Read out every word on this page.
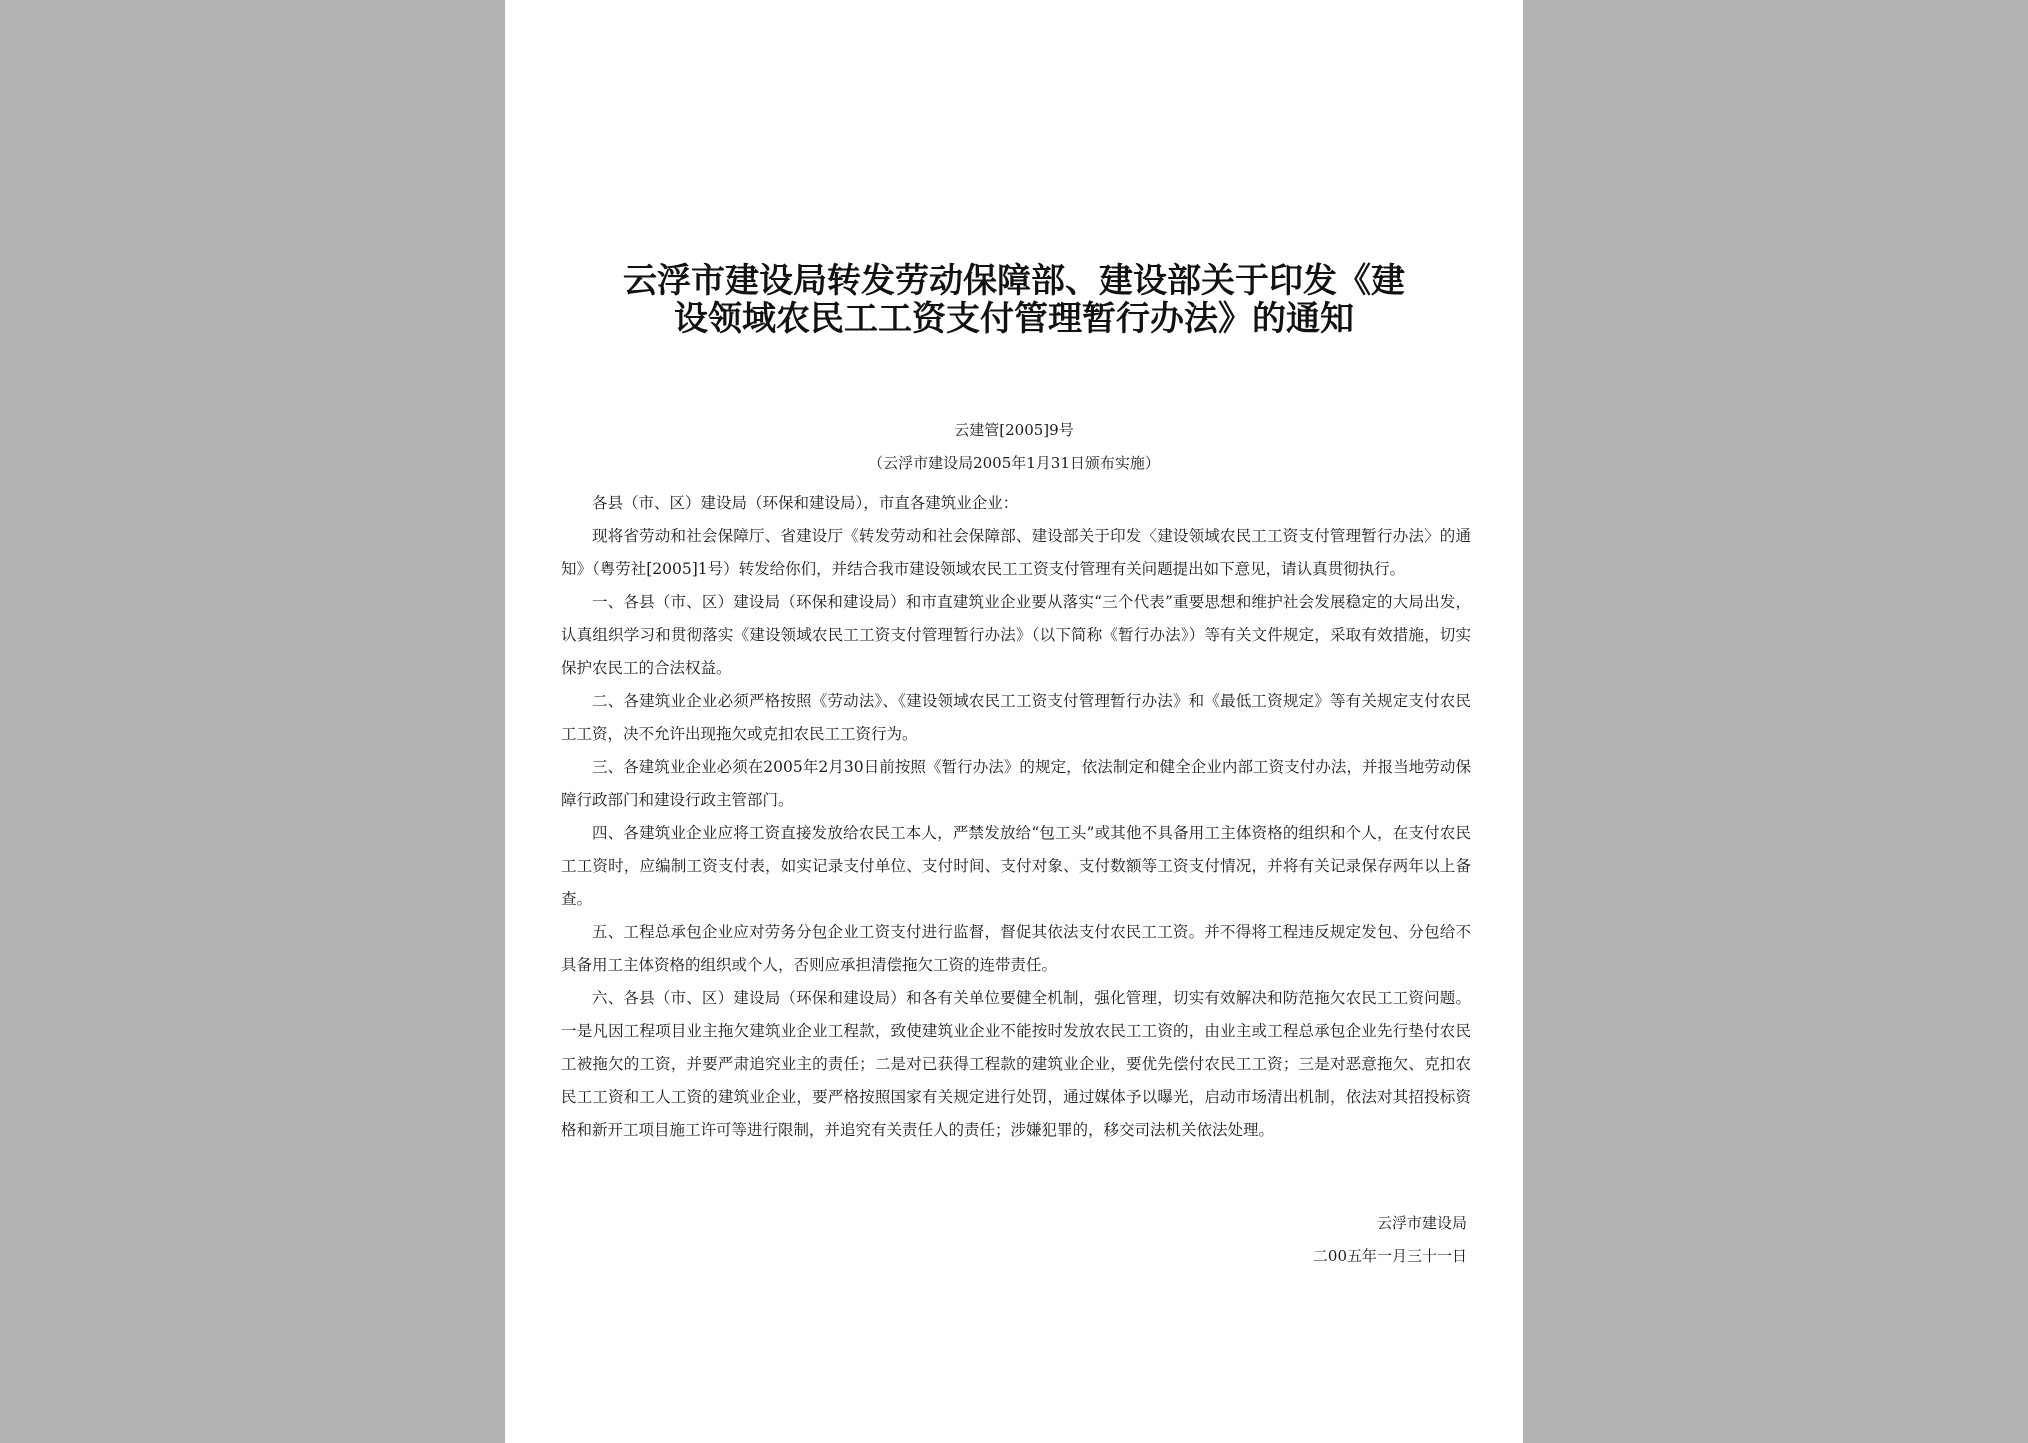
云浮市建设局转发劳动保障部、建设部关于印发《建
设领域农民工工资支付管理暂行办法》的通知
云建管[2005]9号
（云浮市建设局2005年1月31日颁布实施）

各县（市、区）建设局（环保和建设局），市直各建筑业企业：

现将省劳动和社会保障厅、省建设厅《转发劳动和社会保障部、建设部关于印发〈建设领域农民工工资支付管理暂行办法〉的通知》（粤劳社[2005]1号）转发给你们，并结合我市建设领域农民工工资支付管理有关问题提出如下意见，请认真贯彻执行。

一、各县（市、区）建设局（环保和建设局）和市直建筑业企业要从落实“三个代表”重要思想和维护社会发展稳定的大局出发，认真组织学习和贯彻落实《建设领域农民工工资支付管理暂行办法》（以下简称《暂行办法》）等有关文件规定，采取有效措施，切实保护农民工的合法权益。

二、各建筑业企业必须严格按照《劳动法》、《建设领域农民工工资支付管理暂行办法》和《最低工资规定》等有关规定支付农民工工资，决不允许出现拖欠或克扣农民工工资行为。

三、各建筑业企业必须在2005年2月30日前按照《暂行办法》的规定，依法制定和健全企业内部工资支付办法，并报当地劳动保障行政部门和建设行政主管部门。

四、各建筑业企业应将工资直接发放给农民工本人，严禁发放给“包工头”或其他不具备用工主体资格的组织和个人，在支付农民工工资时，应编制工资支付表，如实记录支付单位、支付时间、支付对象、支付数额等工资支付情况，并将有关记录保存两年以上备查。

五、工程总承包企业应对劳务分包企业工资支付进行监督，督促其依法支付农民工工资。并不得将工程违反规定发包、分包给不具备用工主体资格的组织或个人，否则应承担清偿拖欠工资的连带责任。

六、各县（市、区）建设局（环保和建设局）和各有关单位要健全机制，强化管理，切实有效解决和防范拖欠农民工工资问题。一是凡因工程项目业主拖欠建筑业企业工程款，致使建筑业企业不能按时发放农民工工资的，由业主或工程总承包企业先行垫付农民工被拖欠的工资，并要严肃追究业主的责任；二是对已获得工程款的建筑业企业，要优先偿付农民工工资；三是对恶意拖欠、克扣农民工工资和工人工资的建筑业企业，要严格按照国家有关规定进行处罚，通过媒体予以曝光，启动市场清出机制，依法对其招投标资格和新开工项目施工许可等进行限制，并追究有关责任人的责任；涉嫌犯罪的，移交司法机关依法处理。

云浮市建设局
二00五年一月三十一日
